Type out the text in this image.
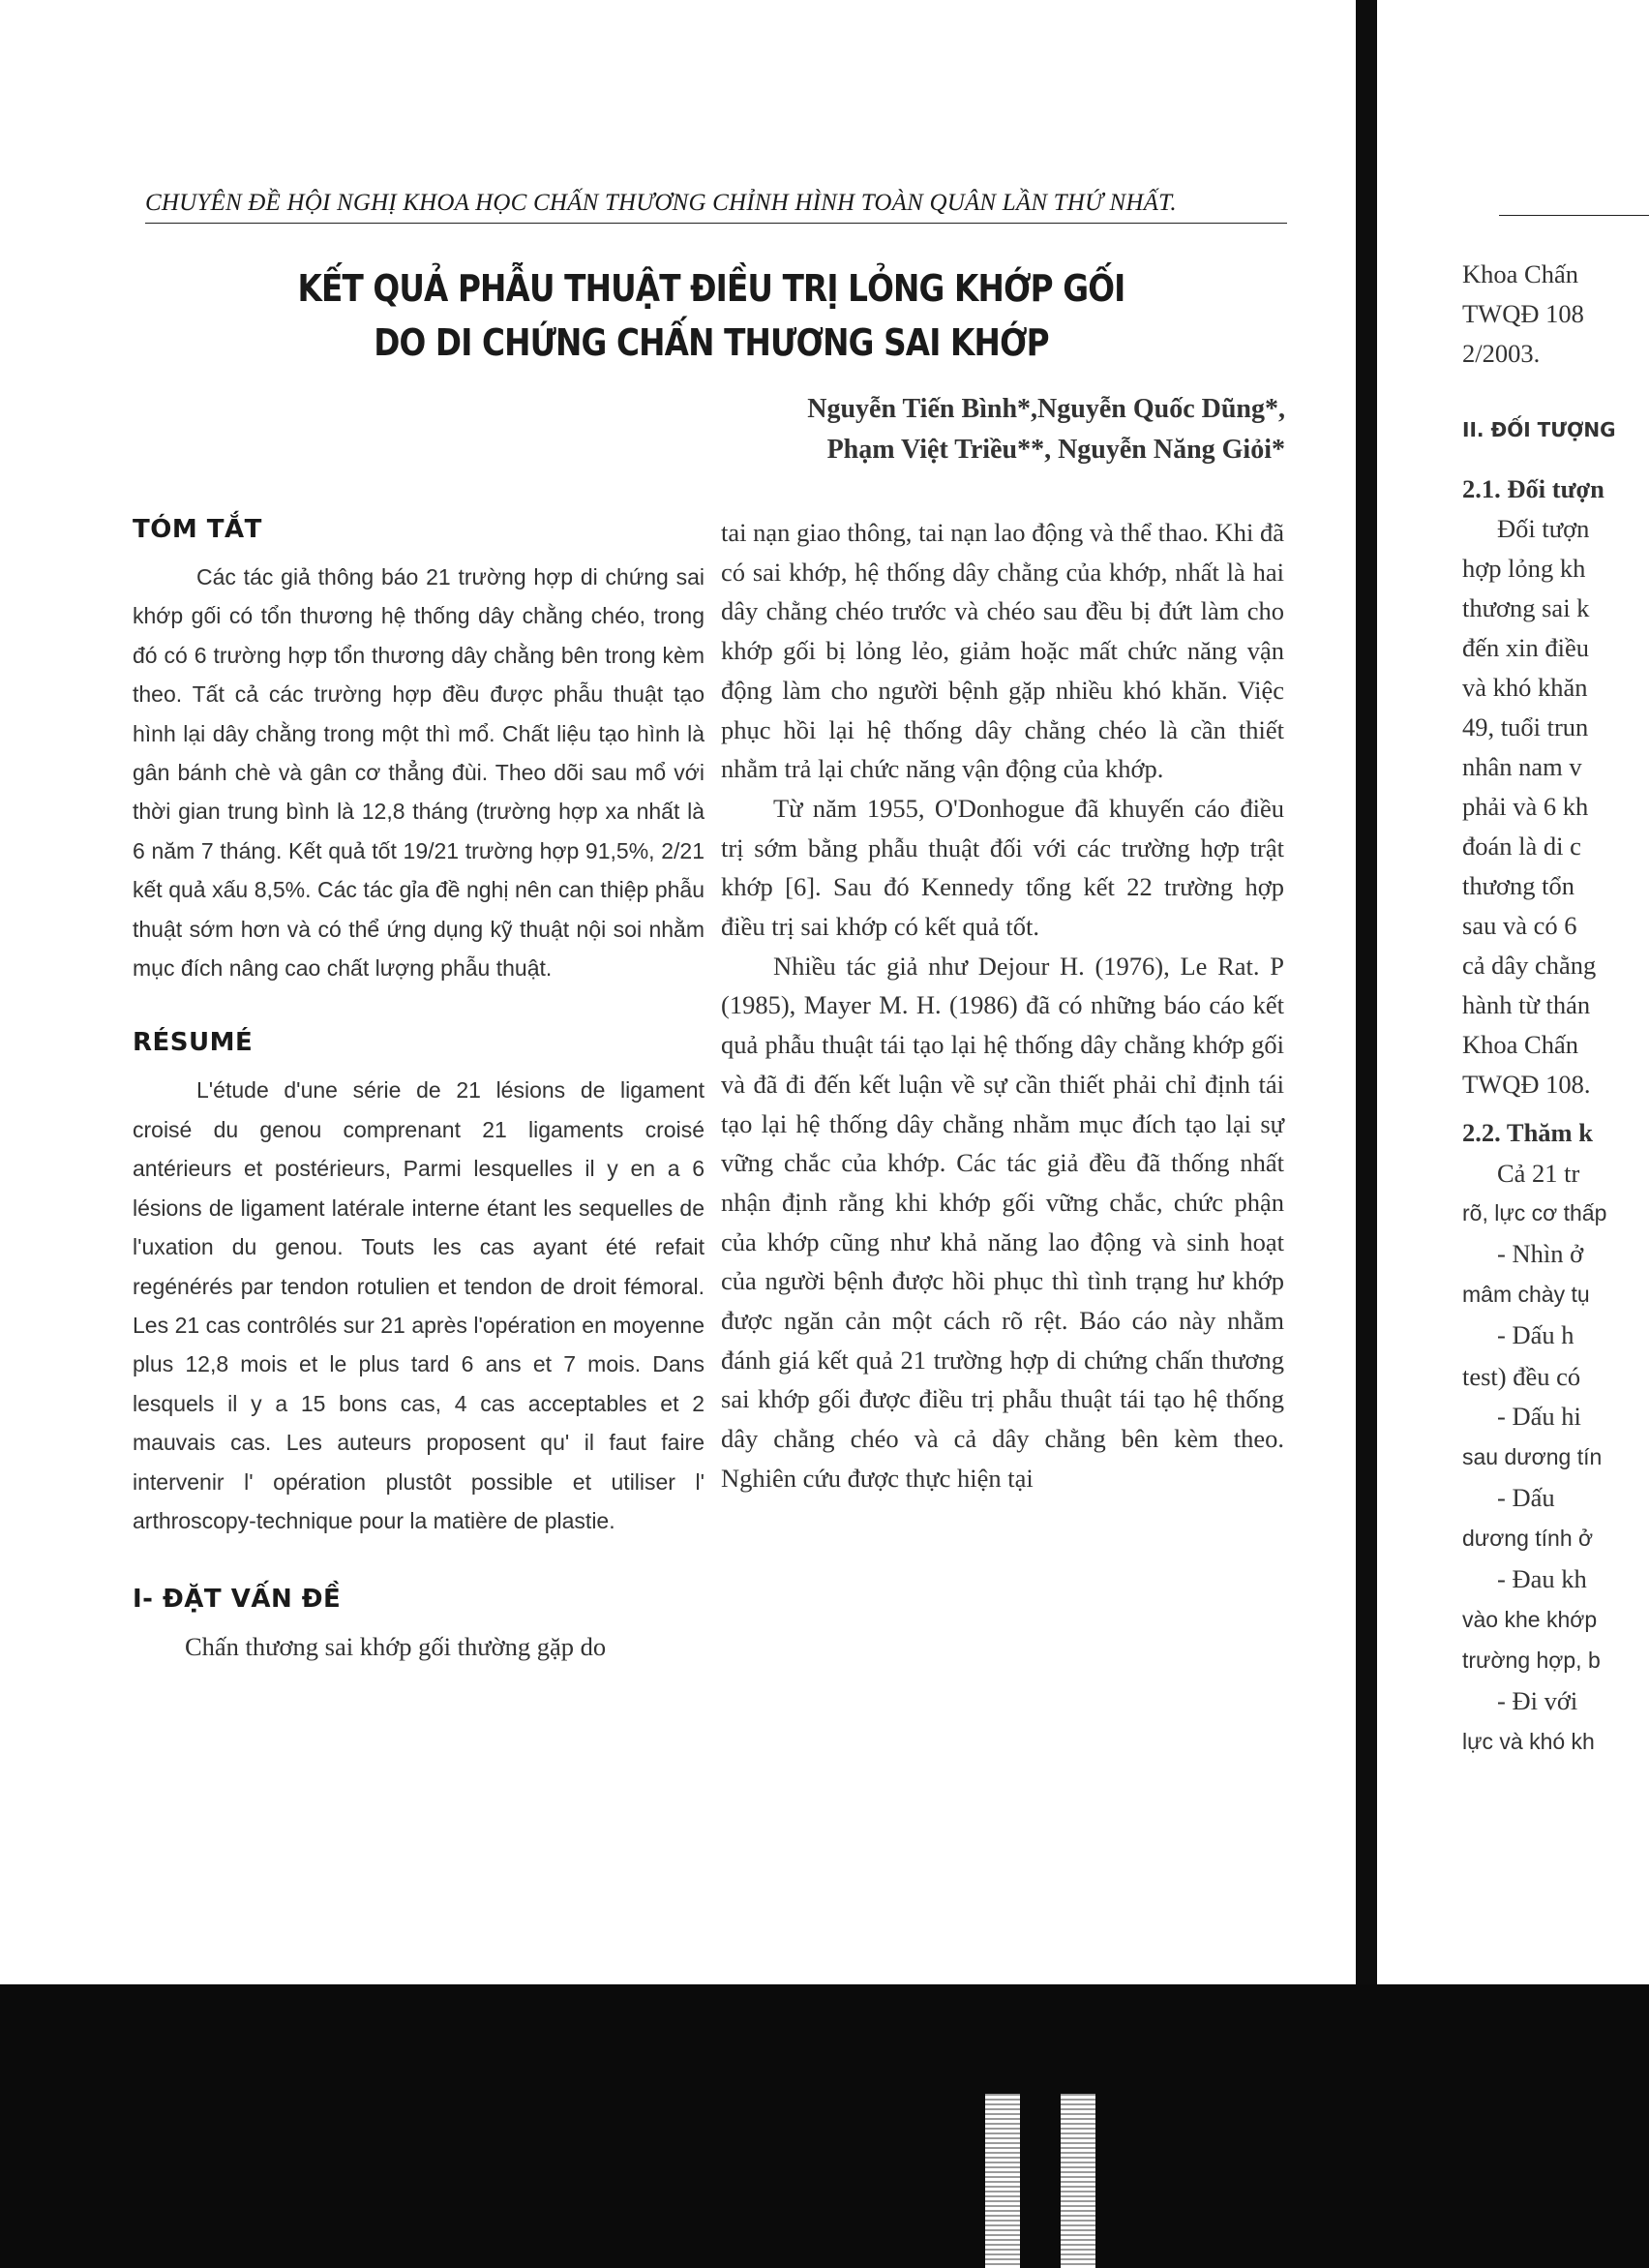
CHUYÊN ĐỀ HỘI NGHỊ KHOA HỌC CHẤN THƯƠNG CHỈNH HÌNH TOÀN QUÂN LẦN THỨ NHẤT.
KẾT QUẢ PHẪU THUẬT ĐIỀU TRỊ LỎNG KHỚP GỐI
DO DI CHỨNG CHẤN THƯƠNG SAI KHỚP
Nguyễn Tiến Bình*,Nguyễn Quốc Dũng*,
Phạm Việt Triều**, Nguyễn Năng Giỏi*
TÓM TẮT

Các tác giả thông báo 21 trường hợp di chứng sai khớp gối có tổn thương hệ thống dây chằng chéo, trong đó có 6 trường hợp tổn thương dây chằng bên trong kèm theo. Tất cả các trường hợp đều được phẫu thuật tạo hình lại dây chằng trong một thì mổ. Chất liệu tạo hình là gân bánh chè và gân cơ thẳng đùi. Theo dõi sau mổ với thời gian trung bình là 12,8 tháng (trường hợp xa nhất là 6 năm 7 tháng. Kết quả tốt 19/21 trường hợp 91,5%, 2/21 kết quả xấu 8,5%. Các tác gỉa đề nghị nên can thiệp phẫu thuật sớm hơn và có thể ứng dụng kỹ thuật nội soi nhằm mục đích nâng cao chất lượng phẫu thuật.

RÉSUMÉ

L'étude d'une série de 21 lésions de ligament croisé du genou comprenant 21 ligaments croisé antérieurs et postérieurs, Parmi lesquelles il y en a 6 lésions de ligament latérale interne étant les sequelles de l'uxation du genou. Touts les cas ayant été refait regénérés par tendon rotulien et tendon de droit fémoral. Les 21 cas contrôlés sur 21 après l'opération en moyenne plus 12,8 mois et le plus tard 6 ans et 7 mois. Dans lesquels il y a 15 bons cas, 4 cas acceptables et 2 mauvais cas. Les auteurs proposent qu' il faut faire intervenir l' opération plustôt possible et utiliser l' arthroscopy-technique pour la matière de plastie.

I- ĐẶT VẤN ĐỀ

Chấn thương sai khớp gối thường gặp do

tai nạn giao thông, tai nạn lao động và thể thao. Khi đã có sai khớp, hệ thống dây chằng của khớp, nhất là hai dây chằng chéo trước và chéo sau đều bị đứt làm cho khớp gối bị lỏng lẻo, giảm hoặc mất chức năng vận động làm cho người bệnh gặp nhiều khó khăn. Việc phục hồi lại hệ thống dây chằng chéo là cần thiết nhằm trả lại chức năng vận động của khớp.

Từ năm 1955, O'Donhogue đã khuyến cáo điều trị sớm bằng phẫu thuật đối với các trường hợp trật khớp [6]. Sau đó Kennedy tổng kết 22 trường hợp điều trị sai khớp có kết quả tốt.

Nhiều tác giả như Dejour H. (1976), Le Rat. P (1985), Mayer M. H. (1986) đã có những báo cáo kết quả phẫu thuật tái tạo lại hệ thống dây chằng khớp gối và đã đi đến kết luận về sự cần thiết phải chỉ định tái tạo lại hệ thống dây chằng nhằm mục đích tạo lại sự vững chắc của khớp. Các tác giả đều đã thống nhất nhận định rằng khi khớp gối vững chắc, chức phận của khớp cũng như khả năng lao động và sinh hoạt của người bệnh được hồi phục thì tình trạng hư khớp được ngăn cản một cách rõ rệt. Báo cáo này nhằm đánh giá kết quả 21 trường hợp di chứng chấn thương sai khớp gối được điều trị phẫu thuật tái tạo hệ thống dây chằng chéo và cả dây chằng bên kèm theo. Nghiên cứu được thực hiện tại

Khoa Chấn
TWQĐ 108
2/2003.
II. ĐỐI TƯỢNG
2.1. Đối tượn
Đối tượn
hợp lỏng kh
thương sai k
đến xin điều
và khó khăn
49, tuổi trun
nhân nam v
phải và 6 kh
đoán là di c
thương tổn
sau và có 6
cả dây chằng
hành từ thán
Khoa Chấn
TWQĐ 108.
2.2. Thăm k
Cả 21 tr
rõ, lực cơ thấp
- Nhìn ở
mâm chày tụ
- Dấu h
test) đều có
- Dấu hi
sau dương tín
- Dấu
dương tính ở
- Đau kh
vào khe khớp
trường hợp, b
- Đi với
lực và khó kh
